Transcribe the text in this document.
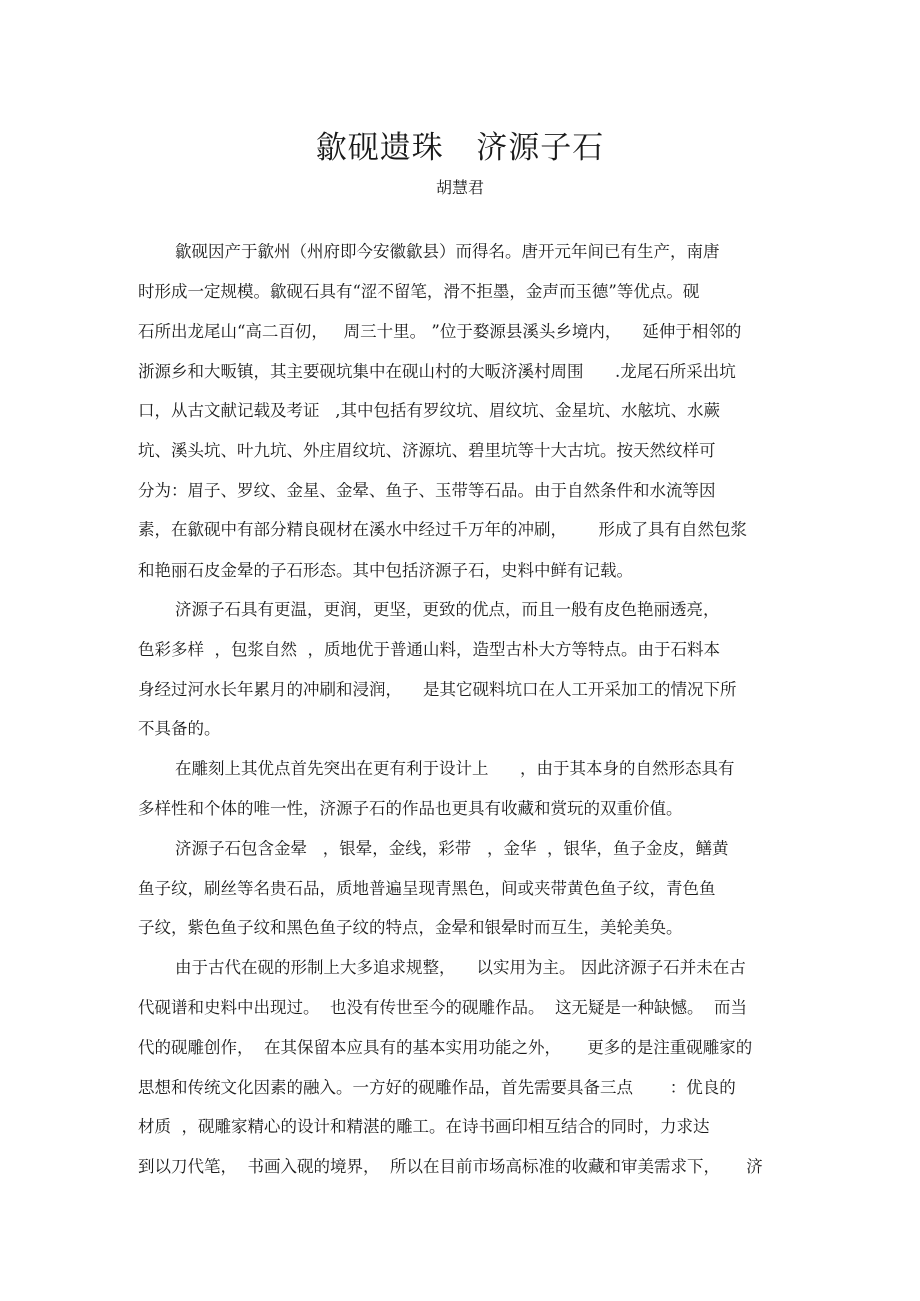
歙砚遗珠   济源子石
胡慧君
歙砚因产于歙州（州府即今安徽歙县）而得名。唐开元年间已有生产，南唐
时形成一定规模。歙砚石具有“涩不留笔，滑不拒墨，金声而玉德”等优点。砚
石所出龙尾山“高二百仞，   周三十里。 ”位于婺源县溪头乡境内，    延伸于相邻的
浙源乡和大畈镇，其主要砚坑集中在砚山村的大畈济溪村周围      .龙尾石所采出坑
口，从古文献记载及考证   ,其中包括有罗纹坑、眉纹坑、金星坑、水舷坑、水蕨
坑、溪头坑、叶九坑、外庄眉纹坑、济源坑、碧里坑等十大古坑。按天然纹样可
分为：眉子、罗纹、金星、金晕、鱼子、玉带等石品。由于自然条件和水流等因
素，在歙砚中有部分精良砚材在溪水中经过千万年的冲刷，      形成了具有自然包浆
和艳丽石皮金晕的子石形态。其中包括济源子石，史料中鲜有记载。
济源子石具有更温，更润，更坚，更致的优点，而且一般有皮色艳丽透亮，
色彩多样  ，包浆自然  ，质地优于普通山料，造型古朴大方等特点。由于石料本
身经过河水长年累月的冲刷和浸润，    是其它砚料坑口在人工开采加工的情况下所
不具备的。
在雕刻上其优点首先突出在更有利于设计上      ，由于其本身的自然形态具有
多样性和个体的唯一性，济源子石的作品也更具有收藏和赏玩的双重价值。
济源子石包含金晕   ，银晕，金线，彩带   ，金华  ，银华，鱼子金皮，鳝黄
鱼子纹，刷丝等名贵石品，质地普遍呈现青黑色，间或夹带黄色鱼子纹，青色鱼
子纹，紫色鱼子纹和黑色鱼子纹的特点，金晕和银晕时而互生，美轮美奂。
由于古代在砚的形制上大多追求规整，    以实用为主。 因此济源子石并未在古
代砚谱和史料中出现过。  也没有传世至今的砚雕作品。  这无疑是一种缺憾。  而当
代的砚雕创作，  在其保留本应具有的基本实用功能之外，     更多的是注重砚雕家的
思想和传统文化因素的融入。一方好的砚雕作品，首先需要具备三点       ：优良的
材质  ，砚雕家精心的设计和精湛的雕工。在诗书画印相互结合的同时，力求达
到以刀代笔，  书画入砚的境界，  所以在目前市场高标准的收藏和审美需求下，     济
